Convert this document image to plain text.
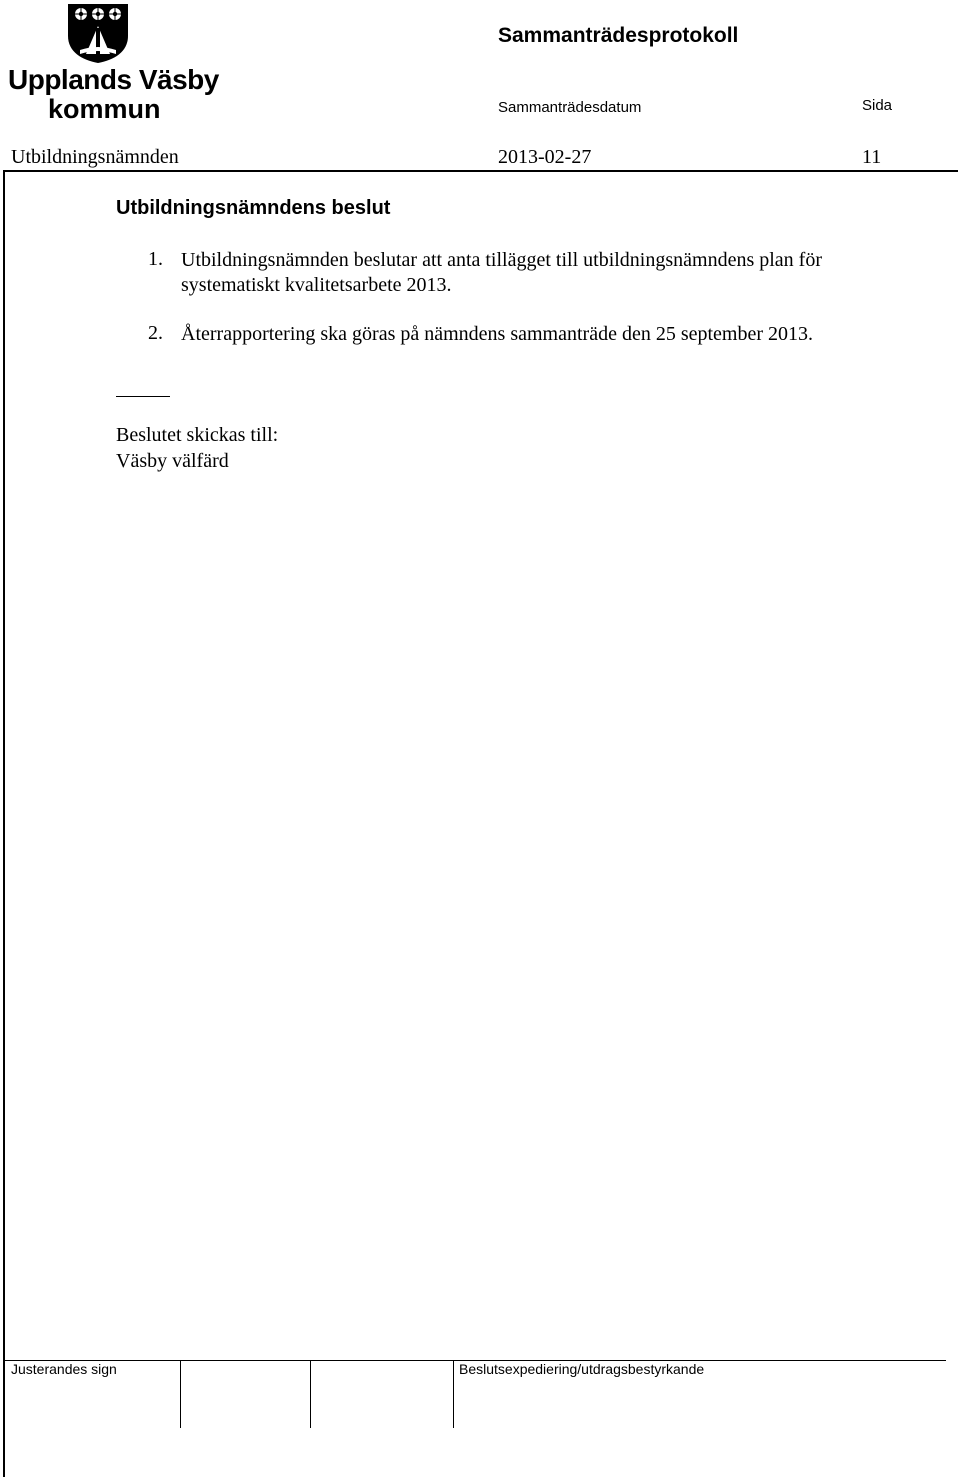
Upplands Väsby
kommun
Sammanträdesprotokoll
Sammanträdesdatum	Sida
Utbildningsnämnden	2013-02-27	11
Utbildningsnämndens beslut
1. Utbildningsnämnden beslutar att anta tillägget till utbildningsnämndens plan för systematiskt kvalitetsarbete 2013.
2. Återrapportering ska göras på nämndens sammanträde den 25 september 2013.
Beslutet skickas till:
Väsby välfärd
Justerandes sign	Beslutsexpediering/utdragsbestyrkande
